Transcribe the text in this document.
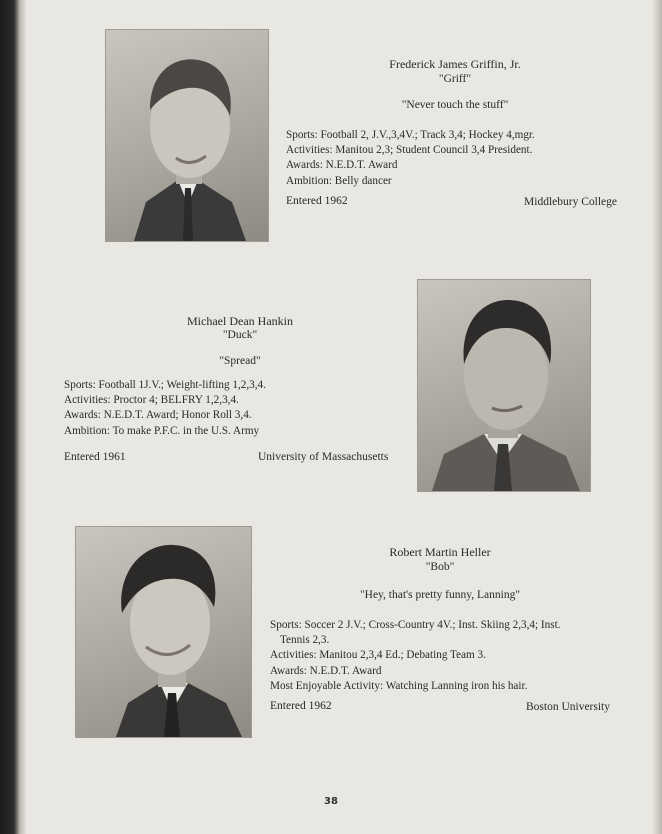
Frederick James Griffin, Jr.
"Griff"
"Never touch the stuff"
Sports: Football 2, J.V.,3,4V.; Track 3,4; Hockey 4,mgr.
Activities: Manitou 2,3; Student Council 3,4 President.
Awards: N.E.D.T. Award
Ambition: Belly dancer
Entered 1962	Middlebury College
Michael Dean Hankin
"Duck"
"Spread"
Sports: Football 1J.V.; Weight-lifting 1,2,3,4.
Activities: Proctor 4; BELFRY 1,2,3,4.
Awards: N.E.D.T. Award; Honor Roll 3,4.
Ambition: To make P.F.C. in the U.S. Army
Entered 1961	University of Massachusetts
Robert Martin Heller
"Bob"
"Hey, that's pretty funny, Lanning"
Sports: Soccer 2 J.V.; Cross-Country 4V.; Inst. Skiing 2,3,4; Inst.
Tennis 2,3.
Activities: Manitou 2,3,4 Ed.; Debating Team 3.
Awards: N.E.D.T. Award
Most Enjoyable Activity: Watching Lanning iron his hair.
Entered 1962	Boston University
38
